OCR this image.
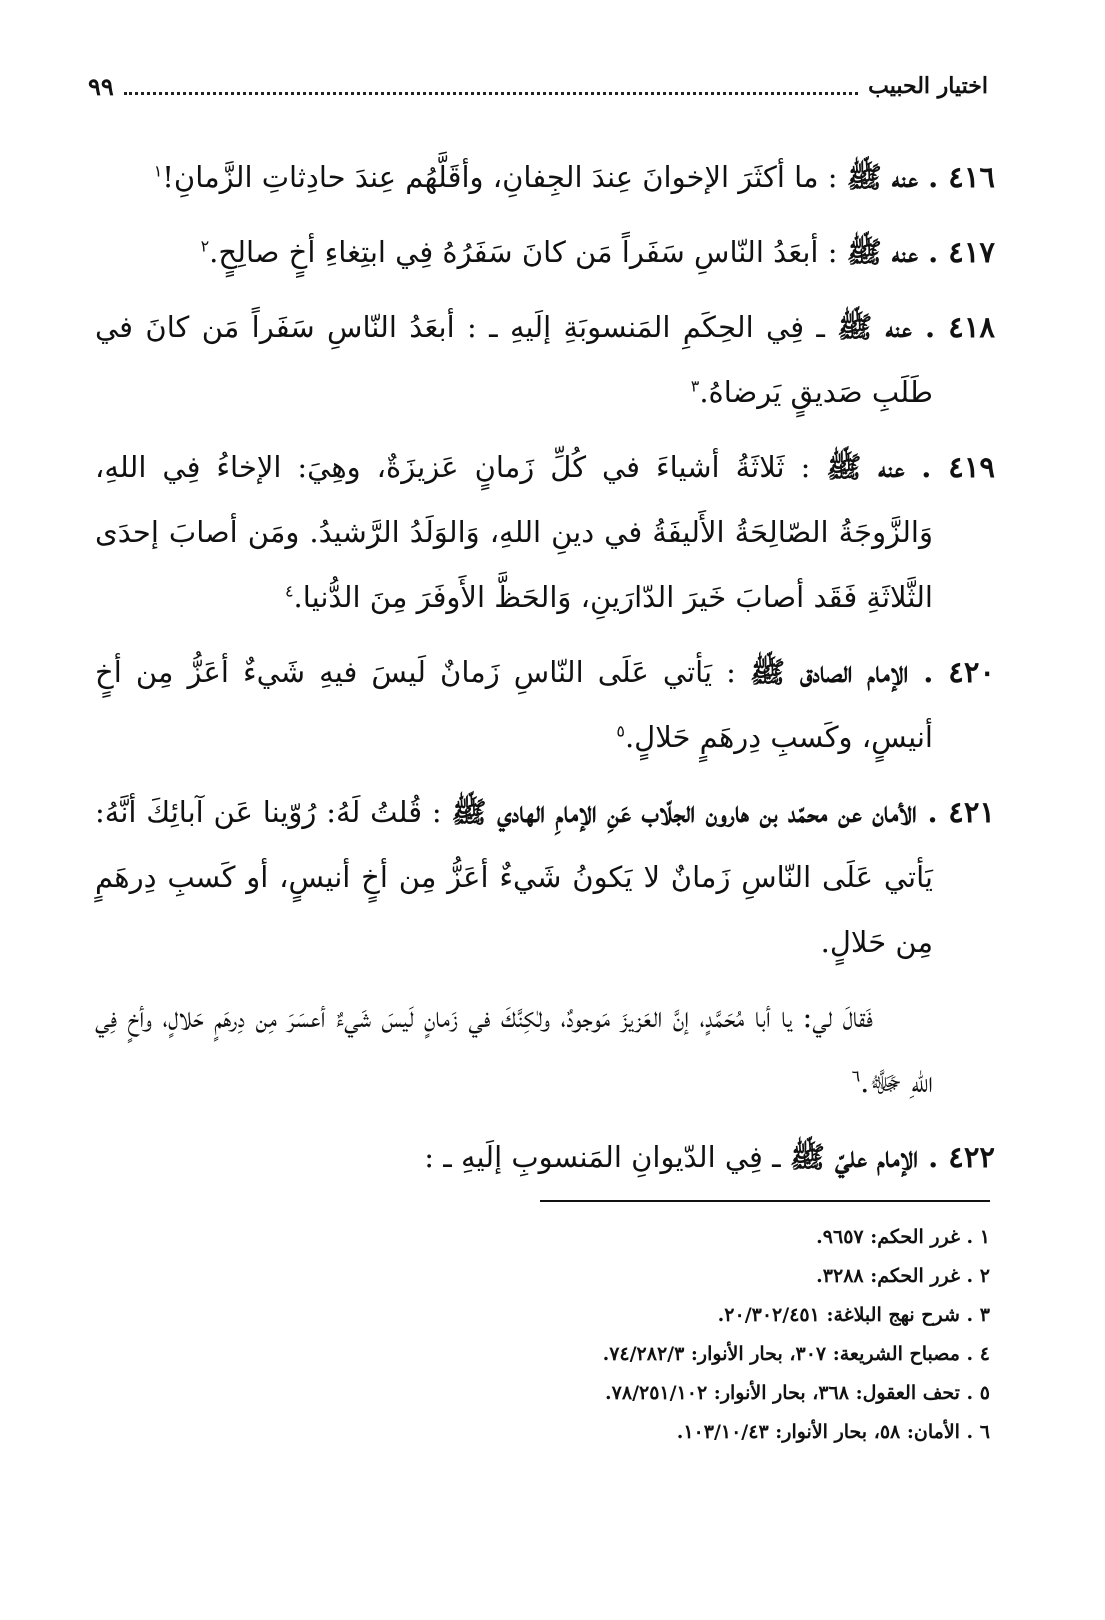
اختيار الحبيب
٩٩

٤١٦ . عنه ﷺ : ما أكثَرَ الإخوانَ عِندَ الجِفانِ، وأقَلَّهُم عِندَ حادِثاتِ الزَّمانِ!$^١$

٤١٧ . عنه ﷺ : أبعَدُ النّاسِ سَفَراً مَن كانَ سَفَرُهُ فِي ابتِغاءِ أخٍ صالِحٍ.$^٢$

٤١٨ . عنه ﷺ ـ فِي الحِكَمِ المَنسوبَةِ إلَيهِ ـ : أبعَدُ النّاسِ سَفَراً مَن كانَ في طَلَبِ صَديقٍ يَرضاهُ.$^٣$

٤١٩ . عنه ﷺ : ثَلاثَةُ أشياءَ في كُلِّ زَمانٍ عَزيزَةٌ، وهِيَ: الإخاءُ فِي اللهِ، وَالزَّوجَةُ الصّالِحَةُ الأَليفَةُ في دينِ اللهِ، وَالوَلَدُ الرَّشيدُ. ومَن أصابَ إحدَى الثَّلاثَةِ فَقَد أصابَ خَيرَ الدّارَينِ، وَالحَظَّ الأَوفَرَ مِنَ الدُّنيا.$^٤$

٤٢٠ . الإمام الصادق ﷺ : يَأتي عَلَى النّاسِ زَمانٌ لَيسَ فيهِ شَيءٌ أعَزُّ مِن أخٍ أنيسٍ، وكَسبِ دِرهَمٍ حَلالٍ.$^٥$

٤٢١ . الأمان عن محمّد بن هارون الجلّاب عَنِ الإمامِ الهادي ﷺ : قُلتُ لَهُ: رُوّينا عَن آبائِكَ أنَّهُ: يَأتي عَلَى النّاسِ زَمانٌ لا يَكونُ شَيءٌ أعَزُّ مِن أخٍ أنيسٍ، أو كَسبِ دِرهَمٍ مِن حَلالٍ.

فَقالَ لي: يا أبا مُحَمَّدٍ، إنَّ العَزيزَ مَوجودٌ، ولٰكِنَّكَ في زَمانٍ لَيسَ شَيءٌ أعسَرَ مِن دِرهَمٍ حَلالٍ، وأخٍ فِي اللهِ ﷻ.$^٦$

٤٢٢ . الإمام عليّ ﷺ ـ فِي الدّيوانِ المَنسوبِ إلَيهِ ـ :

١ . غرر الحكم: ٩٦٥٧.
٢ . غرر الحكم: ٣٢٨٨.
٣ . شرح نهج البلاغة: ٢٠/٣٠٢/٤٥١.
٤ . مصباح الشريعة: ٣٠٧، بحار الأنوار: ٧٤/٢٨٢/٣.
٥ . تحف العقول: ٣٦٨، بحار الأنوار: ٧٨/٢٥١/١٠٢.
٦ . الأمان: ٥٨، بحار الأنوار: ١٠٣/١٠/٤٣.
